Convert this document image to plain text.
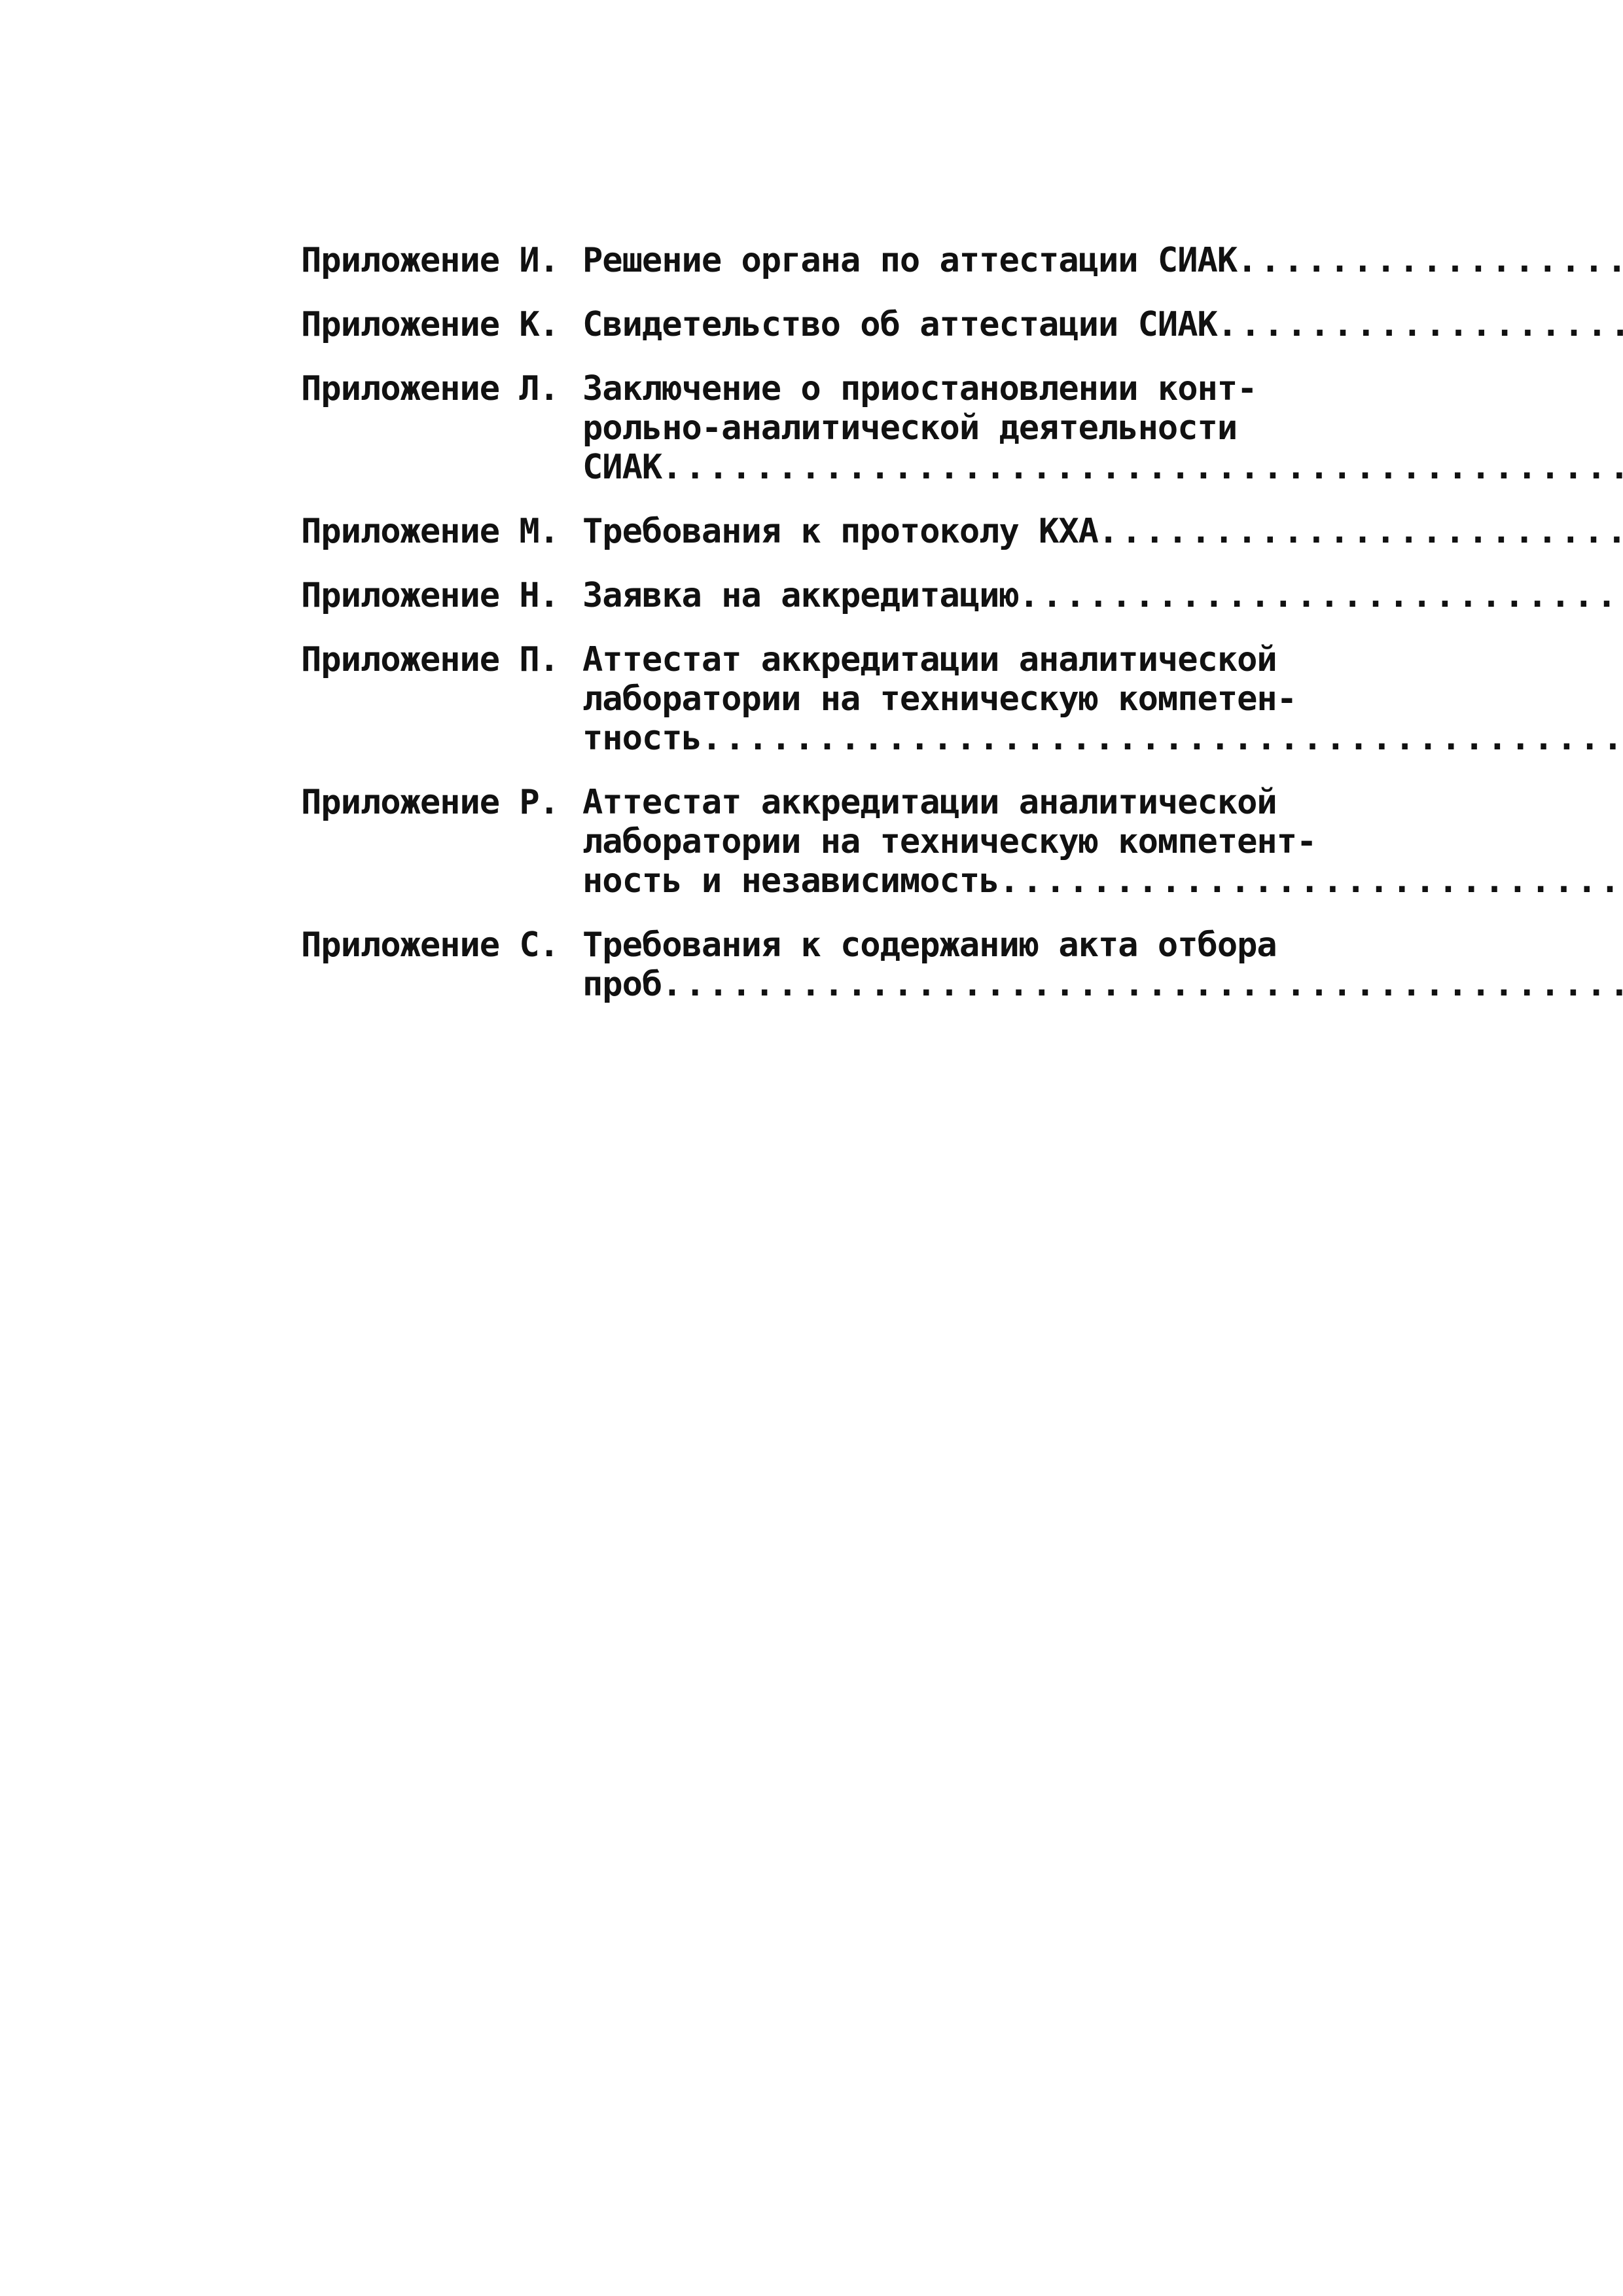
Приложение И. Решение органа по аттестации СИАК
.....
Приложение К. Свидетельство об аттестации СИАК
.....
Приложение Л. Заключение о приостановлении конт-
рольно-аналитической деятельности
СИАК
.....
Приложение М. Требования к протоколу КХА
.....
Приложение Н. Заявка на аккредитацию
.....
Приложение П. Аттестат аккредитации аналитической
лаборатории на техническую компетен-
тность
.....
Приложение Р. Аттестат аккредитации аналитической
лаборатории на техническую компетент-
ность и независимость
.....
Приложение С. Требования к содержанию акта отбора
проб
.....
